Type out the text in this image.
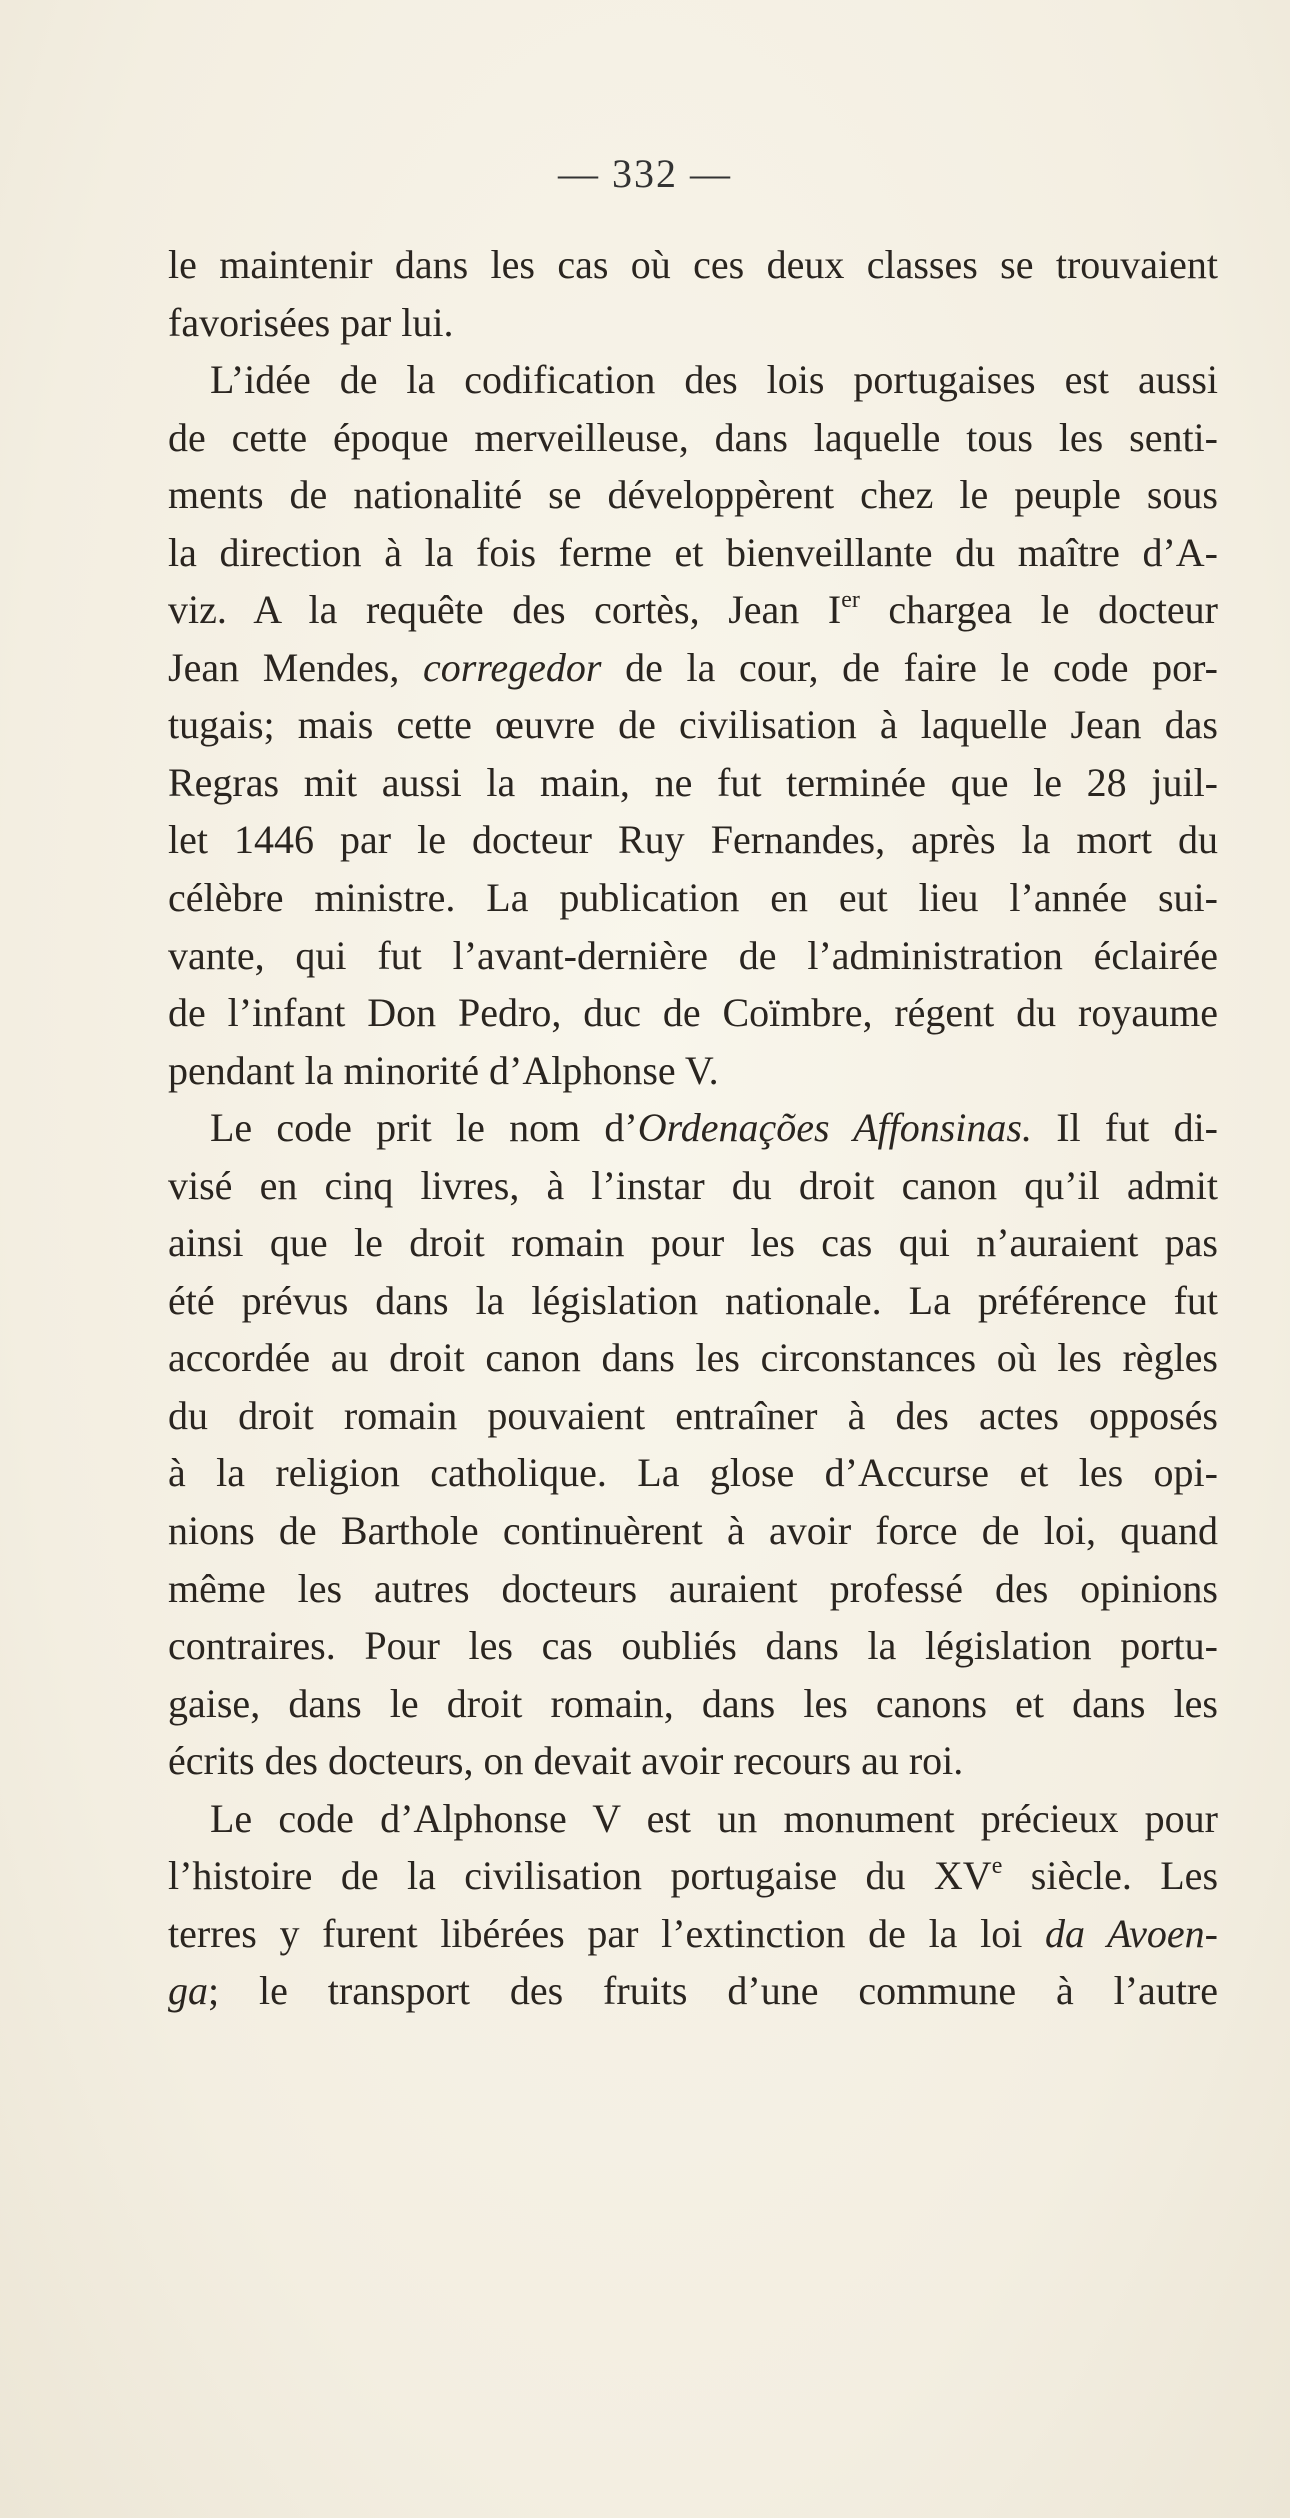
— 332 —
le maintenir dans les cas où ces deux classes se trouvaient
favorisées par lui.
L’idée de la codification des lois portugaises est aussi
de cette époque merveilleuse, dans laquelle tous les senti-
ments de nationalité se développèrent chez le peuple sous
la direction à la fois ferme et bienveillante du maître d’A-
viz. A la requête des cortès, Jean Ier chargea le docteur
Jean Mendes, corregedor de la cour, de faire le code por-
tugais; mais cette œuvre de civilisation à laquelle Jean das
Regras mit aussi la main, ne fut terminée que le 28 juil-
let 1446 par le docteur Ruy Fernandes, après la mort du
célèbre ministre. La publication en eut lieu l’année sui-
vante, qui fut l’avant-dernière de l’administration éclairée
de l’infant Don Pedro, duc de Coïmbre, régent du royaume
pendant la minorité d’Alphonse V.
Le code prit le nom d’Ordenações Affonsinas. Il fut di-
visé en cinq livres, à l’instar du droit canon qu’il admit
ainsi que le droit romain pour les cas qui n’auraient pas
été prévus dans la législation nationale. La préférence fut
accordée au droit canon dans les circonstances où les règles
du droit romain pouvaient entraîner à des actes opposés
à la religion catholique. La glose d’Accurse et les opi-
nions de Barthole continuèrent à avoir force de loi, quand
même les autres docteurs auraient professé des opinions
contraires. Pour les cas oubliés dans la législation portu-
gaise, dans le droit romain, dans les canons et dans les
écrits des docteurs, on devait avoir recours au roi.
Le code d’Alphonse V est un monument précieux pour
l’histoire de la civilisation portugaise du XVe siècle. Les
terres y furent libérées par l’extinction de la loi da Avoen-
ga; le transport des fruits d’une commune à l’autre
